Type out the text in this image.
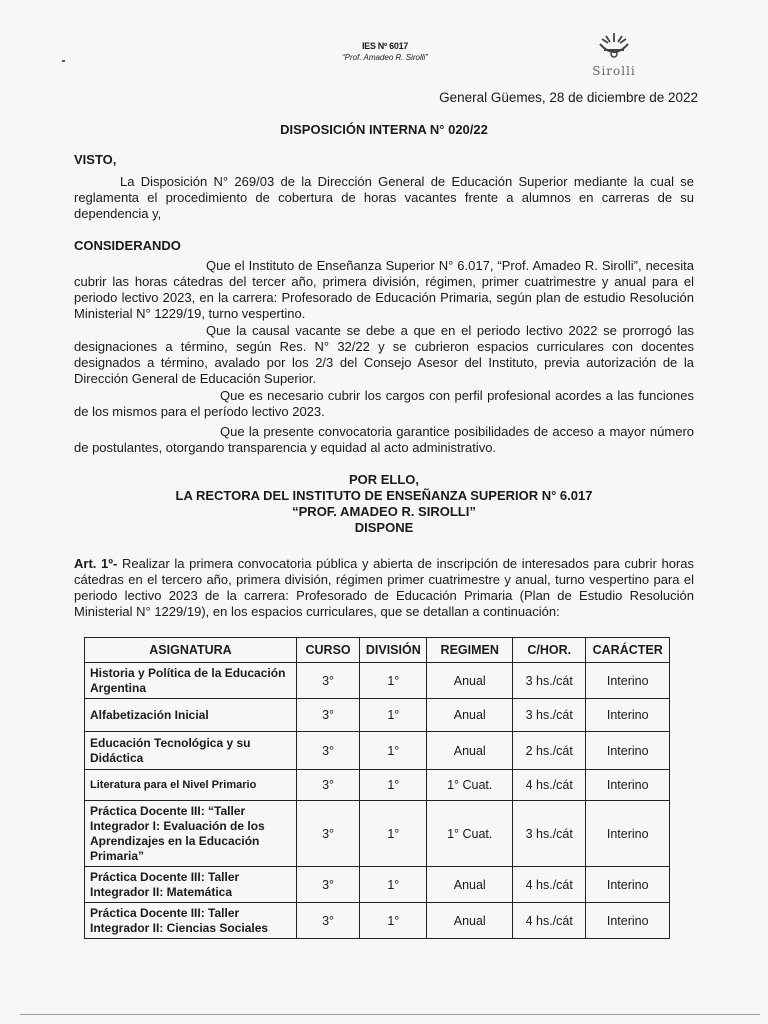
IES Nº 6017
“Prof. Amadeo R. Sirolli”
Sirolli
General Güemes, 28 de diciembre de 2022
DISPOSICIÓN INTERNA N° 020/22
VISTO,
La Disposición N° 269/03 de la Dirección General de Educación Superior mediante la cual se reglamenta el procedimiento de cobertura de horas vacantes frente a alumnos en carreras de su dependencia y,
CONSIDERANDO
Que el Instituto de Enseñanza Superior N° 6.017, “Prof. Amadeo R. Sirolli”, necesita cubrir las horas cátedras del tercer año, primera división, régimen, primer cuatrimestre y anual para el periodo lectivo 2023, en la carrera: Profesorado de Educación Primaria, según plan de estudio Resolución Ministerial N° 1229/19, turno vespertino.
Que la causal vacante se debe a que en el periodo lectivo 2022 se prorrogó las designaciones a término, según Res. N° 32/22 y se cubrieron espacios curriculares con docentes designados a término, avalado por los 2/3 del Consejo Asesor del Instituto, previa autorización de la Dirección General de Educación Superior.
Que es necesario cubrir los cargos con perfil profesional acordes a las funciones de los mismos para el período lectivo 2023.
Que la presente convocatoria garantice posibilidades de acceso a mayor número de postulantes, otorgando transparencia y equidad al acto administrativo.
POR ELLO,
LA RECTORA DEL INSTITUTO DE ENSEÑANZA SUPERIOR N° 6.017
“PROF. AMADEO R. SIROLLI”
DISPONE
Art. 1º- Realizar la primera convocatoria pública y abierta de inscripción de interesados para cubrir horas cátedras en el tercero año, primera división, régimen primer cuatrimestre y anual, turno vespertino para el periodo lectivo 2023 de la carrera: Profesorado de Educación Primaria (Plan de Estudio Resolución Ministerial N° 1229/19), en los espacios curriculares, que se detallan a continuación:
ASIGNATURA	CURSO	DIVISIÓN	REGIMEN	C/HOR.	CARÁCTER
Historia y Política de la Educación Argentina	3°	1°	Anual	3 hs./cát	Interino
Alfabetización Inicial	3°	1°	Anual	3 hs./cát	Interino
Educación Tecnológica y su Didáctica	3°	1°	Anual	2 hs./cát	Interino
Literatura para el Nivel Primario	3°	1°	1° Cuat.	4 hs./cát	Interino
Práctica Docente III: “Taller Integrador I: Evaluación de los Aprendizajes en la Educación Primaria”	3°	1°	1° Cuat.	3 hs./cát	Interino
Práctica Docente III: Taller Integrador II: Matemática	3°	1°	Anual	4 hs./cát	Interino
Práctica Docente III: Taller Integrador II: Ciencias Sociales	3°	1°	Anual	4 hs./cát	Interino
